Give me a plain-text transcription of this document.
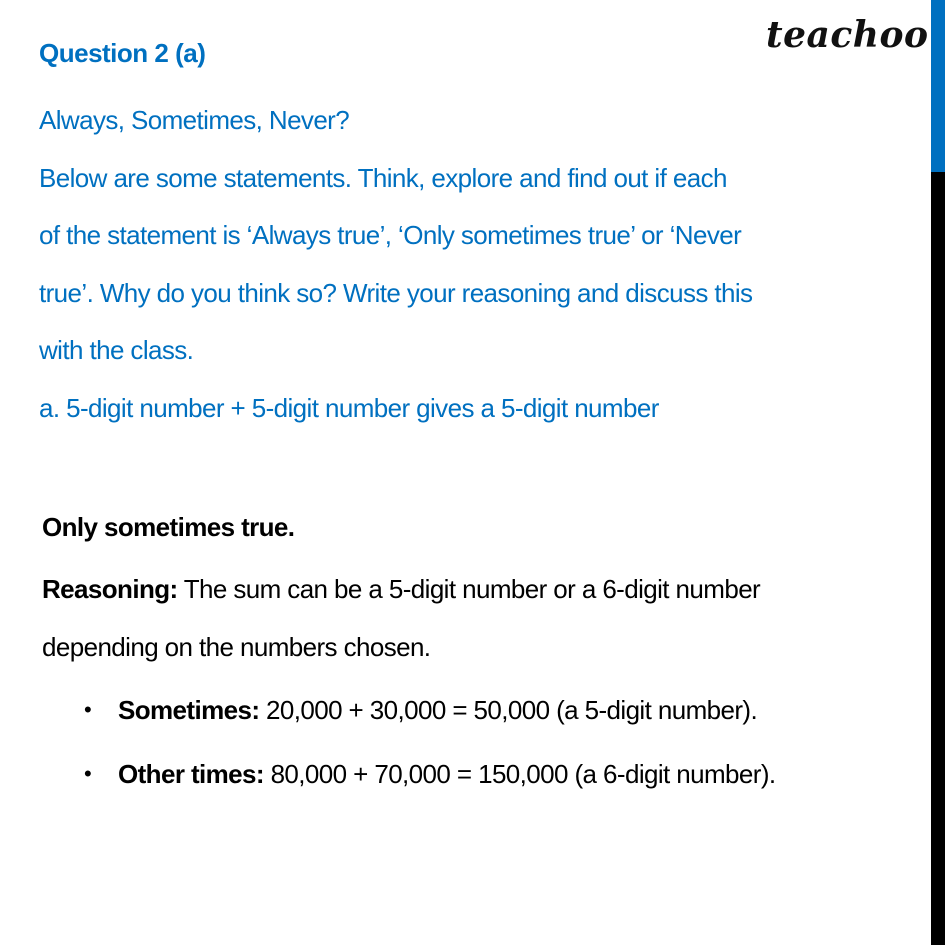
teachoo
Question 2 (a)
Always, Sometimes, Never?
Below are some statements. Think, explore and find out if each
of the statement is ‘Always true’, ‘Only sometimes true’ or ‘Never
true’. Why do you think so? Write your reasoning and discuss this
with the class.
a. 5-digit number + 5-digit number gives a 5-digit number
Only sometimes true.
Reasoning: The sum can be a 5-digit number or a 6-digit number
depending on the numbers chosen.
• Sometimes: 20,000 + 30,000 = 50,000 (a 5-digit number).
• Other times: 80,000 + 70,000 = 150,000 (a 6-digit number).
